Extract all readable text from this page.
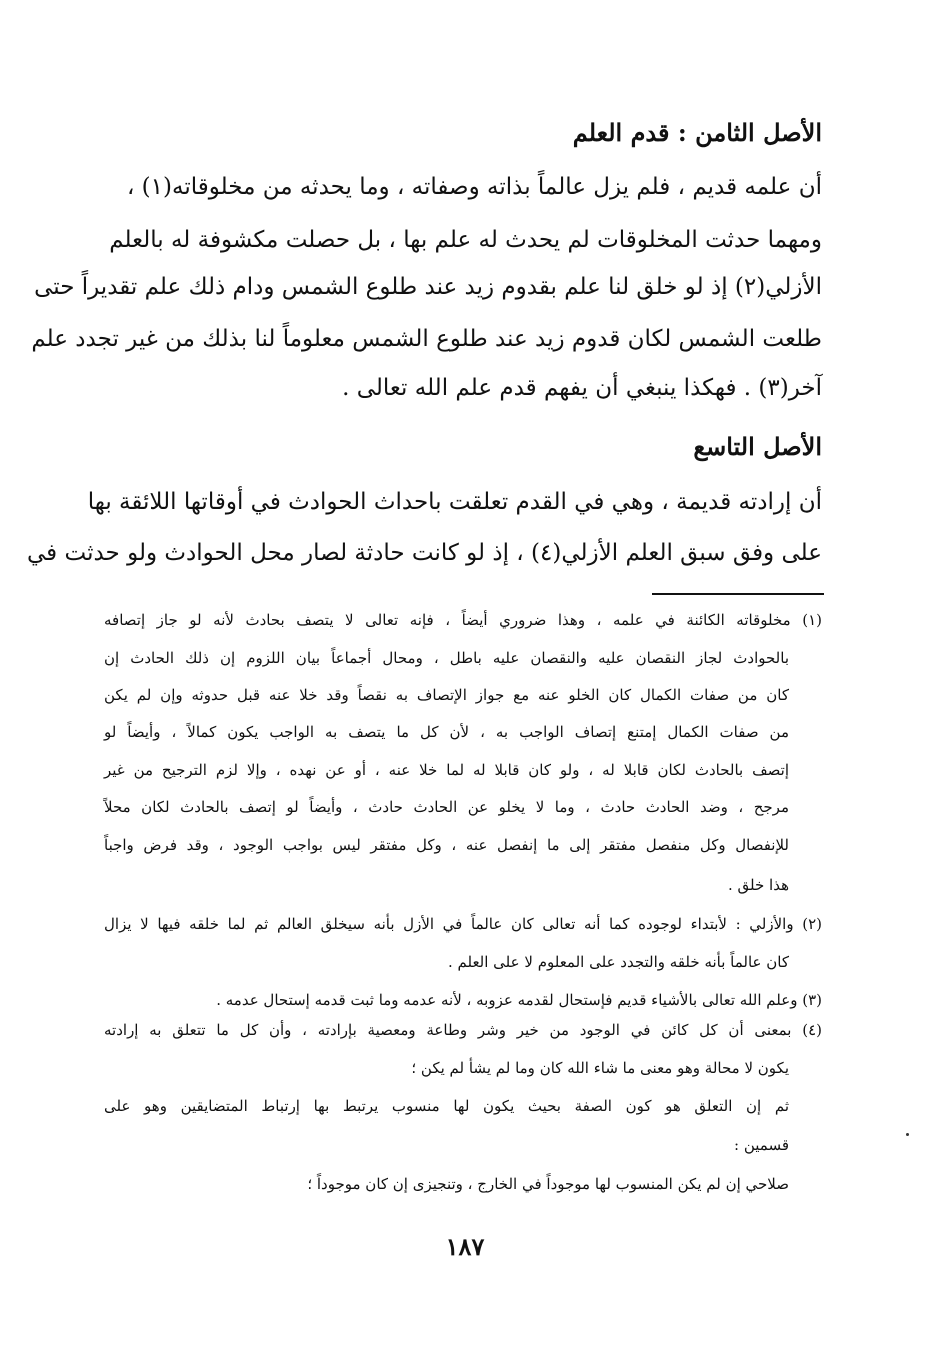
الأصل الثامن : قدم العلم
أن علمه قديم ، فلم يزل عالماً بذاته وصفاته ، وما يحدثه من مخلوقاته(١) ،
ومهما حدثت المخلوقات لم يحدث له علم بها ، بل حصلت مكشوفة له بالعلم
الأزلي(٢) إذ لو خلق لنا علم بقدوم زيد عند طلوع الشمس ودام ذلك علم تقديراً حتى
طلعت الشمس لكان قدوم زيد عند طلوع الشمس معلوماً لنا بذلك من غير تجدد علم
آخر(٣) . فهكذا ينبغي أن يفهم قدم علم الله تعالى .
الأصل التاسع
أن إرادته قديمة ، وهي في القدم تعلقت باحداث الحوادث في أوقاتها اللائقة بها
على وفق سبق العلم الأزلي(٤) ، إذ لو كانت حادثة لصار محل الحوادث ولو حدثت في
(١) مخلوقاته الكائنة في علمه ، وهذا ضروري أيضاً ، فإنه تعالى لا يتصف بحادث لأنه لو جاز إتصافه
بالحوادث لجاز النقصان عليه والنقصان عليه باطل ، ومحال أجماعاً بيان اللزوم إن ذلك الحادث إن
كان من صفات الكمال كان الخلو عنه مع جواز الإتصاف به نقصاً وقد خلا عنه قبل حدوثه وإن لم يكن
من صفات الكمال إمتنع إتصاف الواجب به ، لأن كل ما يتصف به الواجب يكون كمالاً ، وأيضاً لو
إتصف بالحادث لكان قابلا له ، ولو كان قابلا له لما خلا عنه ، أو عن نهده ، وإلا لزم الترجيح من غير
مرجح ، وضد الحادث حادث ، وما لا يخلو عن الحادث حادث ، وأيضاً لو إتصف بالحادث لكان محلاً
للإنفصال وكل منفصل مفتقر إلى ما إنفصل عنه ، وكل مفتقر ليس بواجب الوجود ، وقد فرض واجباً
هذا خلق .
(٢) والأزلي : لأبتداء لوجوده كما أنه تعالى كان عالماً في الأزل بأنه سيخلق العالم ثم لما خلقه فيها لا يزال
كان عالماً بأنه خلقه والتجدد على المعلوم لا على العلم .
(٣) وعلم الله تعالى بالأشياء قديم فإستحال لقدمه عزوبه ، لأنه عدمه وما ثبت قدمه إستحال عدمه .
(٤) بمعنى أن كل كائن في الوجود من خير وشر وطاعة ومعصية بإرادته ، وأن كل ما تتعلق به إرادته
يكون لا محالة وهو معنى ما شاء الله كان وما لم يشأ لم يكن ؛
ثم إن التعلق هو كون الصفة بحيث يكون لها منسوب يرتبط بها إرتباط المتضايقين وهو على
قسمين :
صلاحي إن لم يكن المنسوب لها موجوداً في الخارج ، وتنجيزى إن كان موجوداً ؛
١٨٧
